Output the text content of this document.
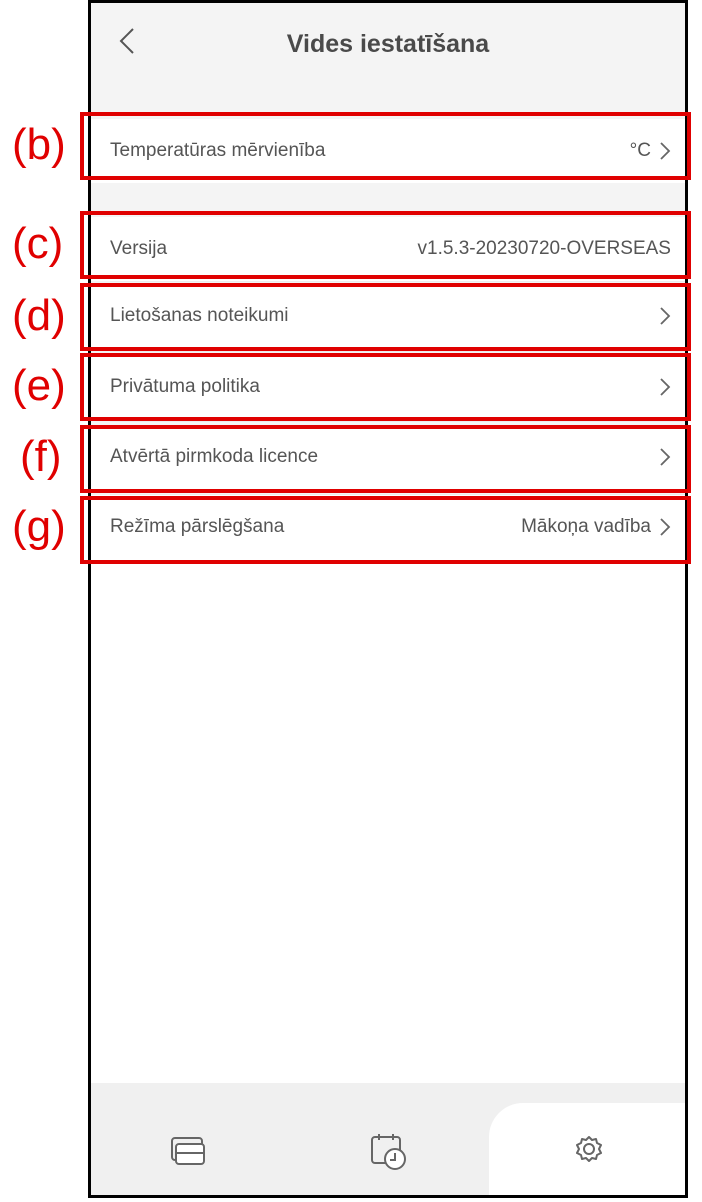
Vides iestatīšana
Temperatūras mērvienība	°C
Versija	v1.5.3-20230720-OVERSEAS
Lietošanas noteikumi
Privātuma politika
Atvērtā pirmkoda licence
Režīma pārslēgšana	Mākoņa vadība
(b)
(c)
(d)
(e)
(f)
(g)
